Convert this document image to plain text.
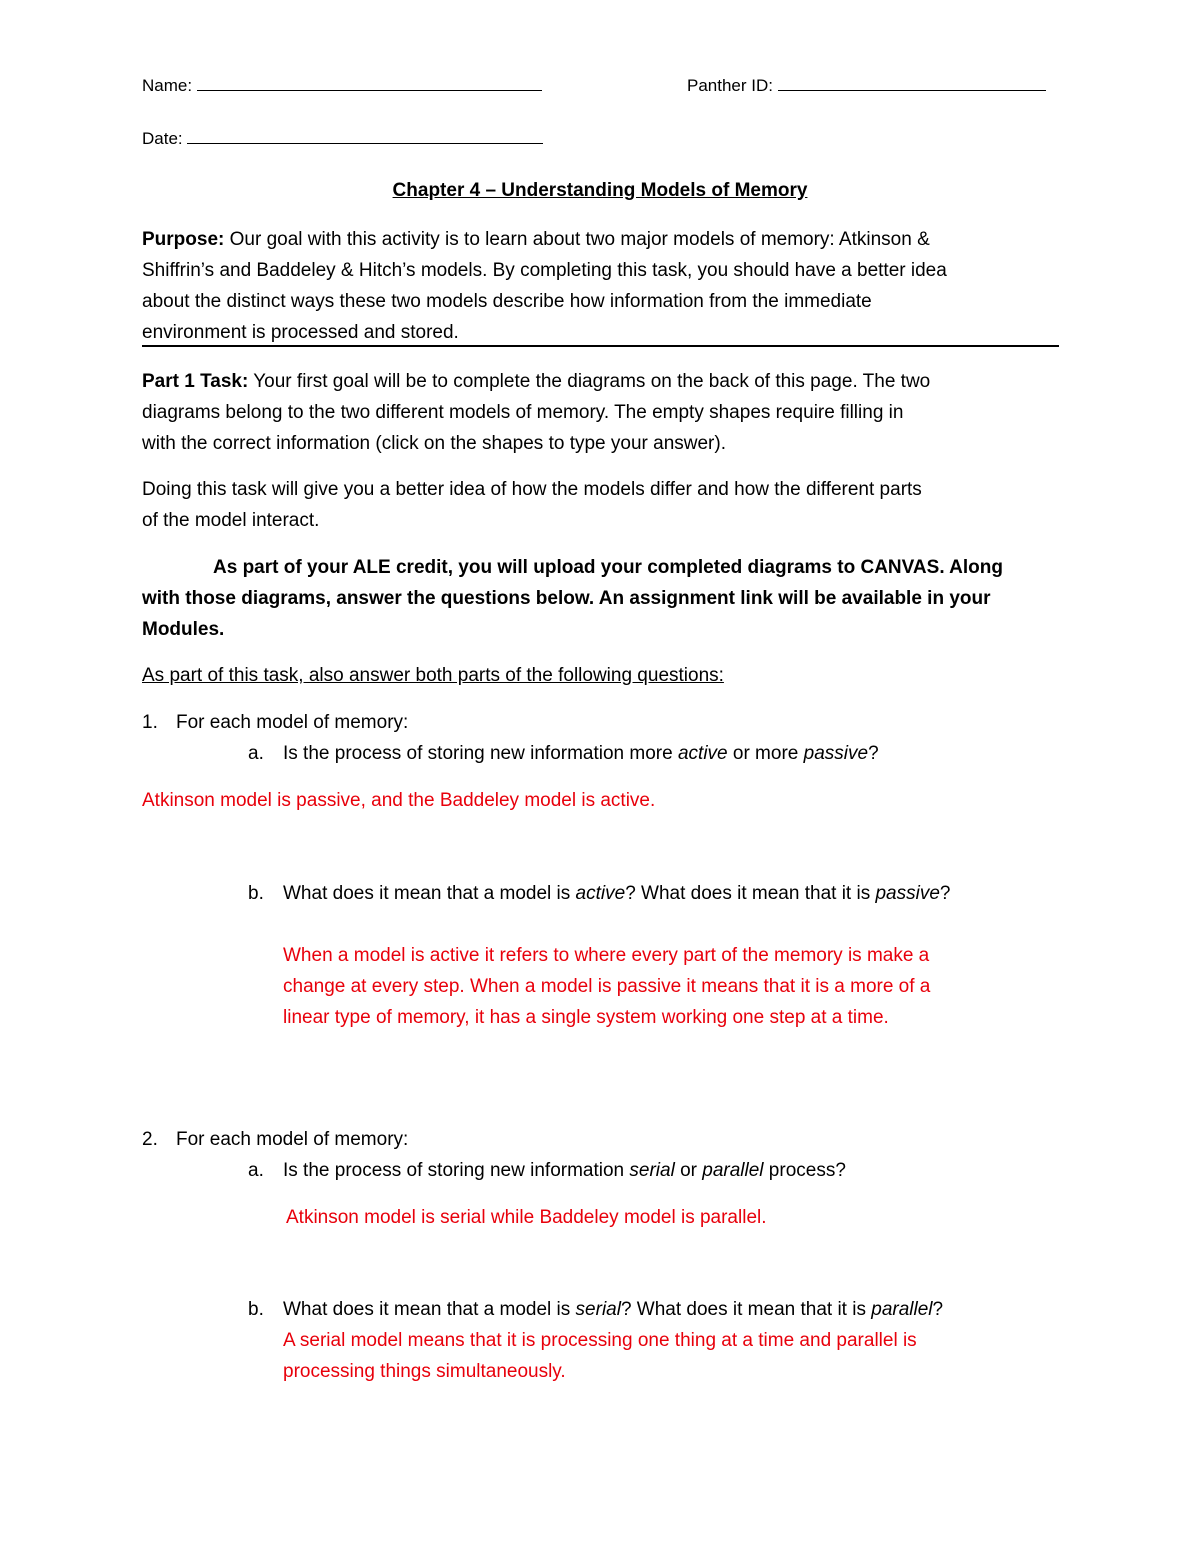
Name:	Panther ID:
Date:
Chapter 4 – Understanding Models of Memory
Purpose: Our goal with this activity is to learn about two major models of memory: Atkinson &
Shiffrin’s and Baddeley & Hitch’s models. By completing this task, you should have a better idea
about the distinct ways these two models describe how information from the immediate
environment is processed and stored.
Part 1 Task: Your first goal will be to complete the diagrams on the back of this page. The two
diagrams belong to the two different models of memory. The empty shapes require filling in
with the correct information (click on the shapes to type your answer).
Doing this task will give you a better idea of how the models differ and how the different parts
of the model interact.
As part of your ALE credit, you will upload your completed diagrams to CANVAS. Along
with those diagrams, answer the questions below. An assignment link will be available in your
Modules.
As part of this task, also answer both parts of the following questions:
1. For each model of memory:
a. Is the process of storing new information more active or more passive?
Atkinson model is passive, and the Baddeley model is active.
b. What does it mean that a model is active? What does it mean that it is passive?
When a model is active it refers to where every part of the memory is make a
change at every step. When a model is passive it means that it is a more of a
linear type of memory, it has a single system working one step at a time.
2. For each model of memory:
a. Is the process of storing new information serial or parallel process?
Atkinson model is serial while Baddeley model is parallel.
b. What does it mean that a model is serial? What does it mean that it is parallel?
A serial model means that it is processing one thing at a time and parallel is
processing things simultaneously.
